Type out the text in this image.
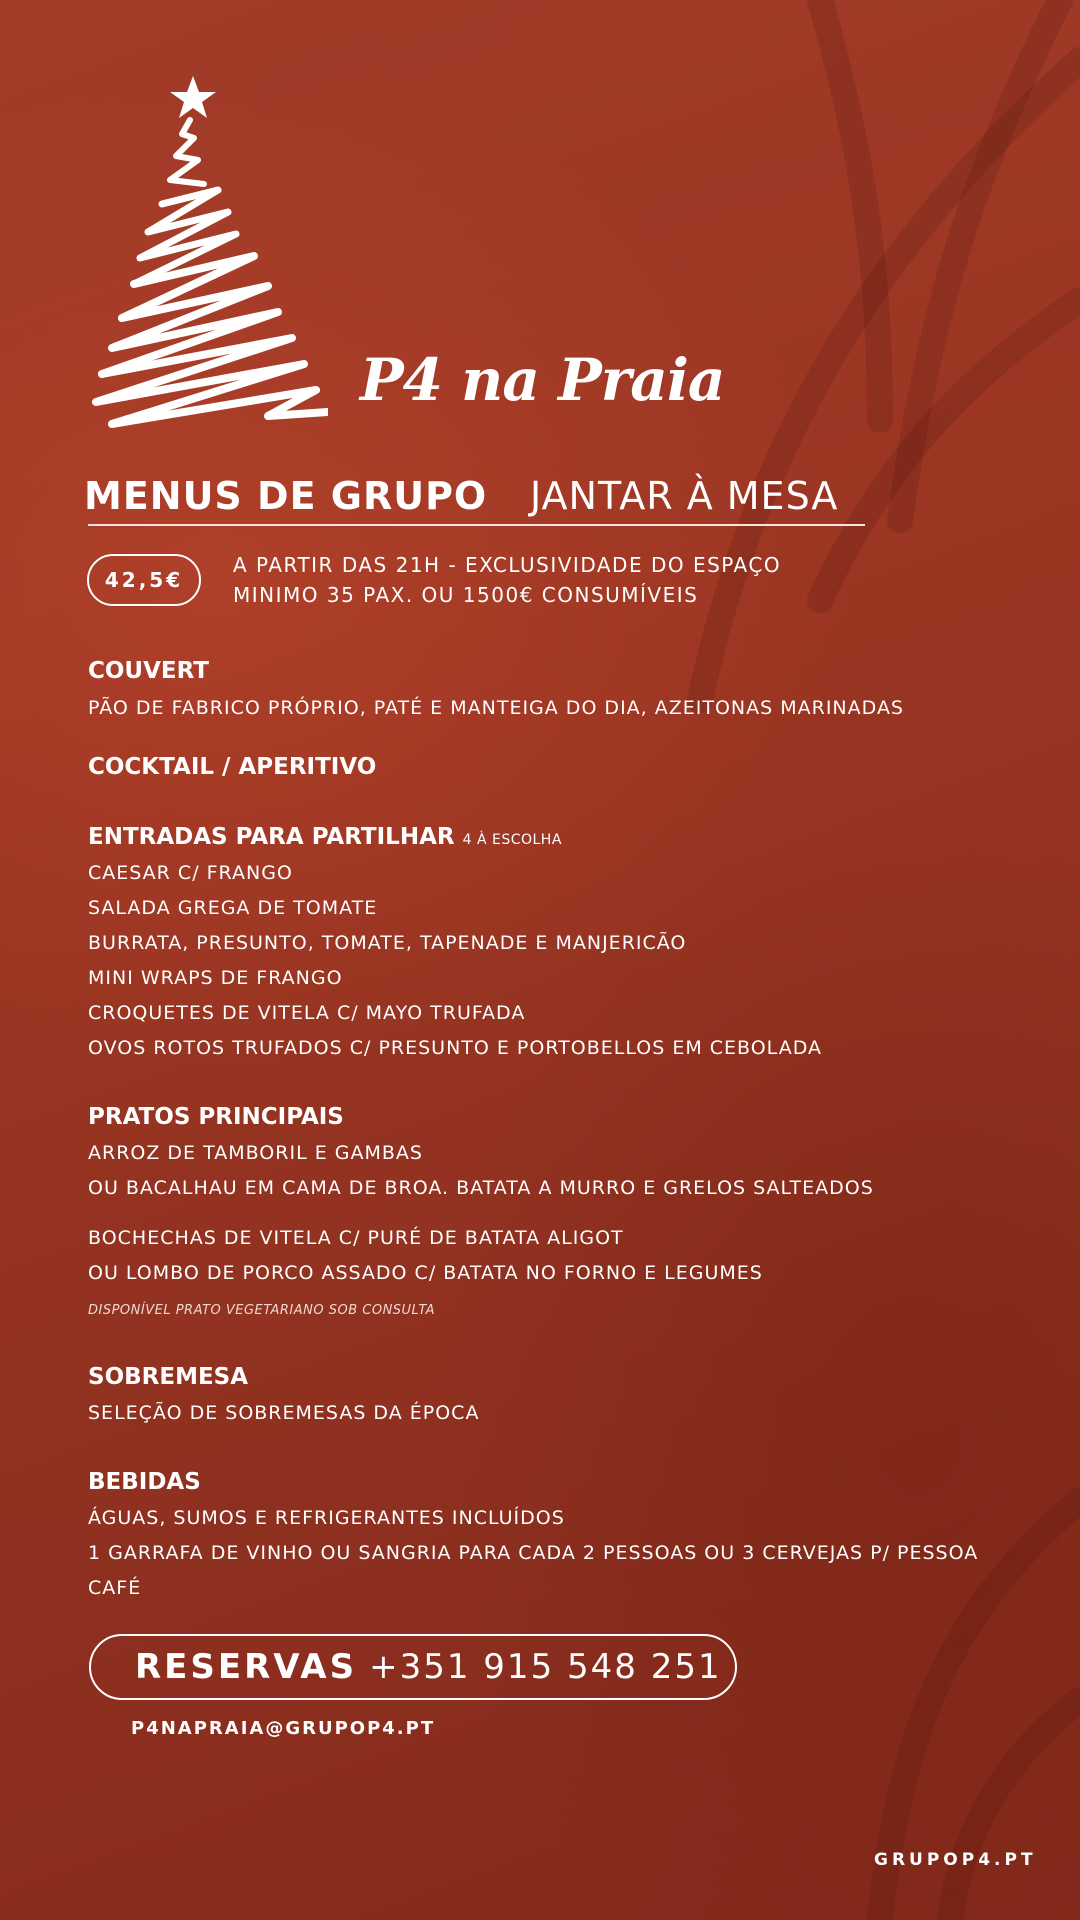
P4 na Praia
MENUS DE GRUPO JANTAR À MESA
42,5€
A PARTIR DAS 21H - EXCLUSIVIDADE DO ESPAÇO
MINIMO 35 PAX. OU 1500€ CONSUMÍVEIS
COUVERT
PÃO DE FABRICO PRÓPRIO, PATÉ E MANTEIGA DO DIA, AZEITONAS MARINADAS
COCKTAIL / APERITIVO
ENTRADAS PARA PARTILHAR 4 À ESCOLHA
CAESAR C/ FRANGO
SALADA GREGA DE TOMATE
BURRATA, PRESUNTO, TOMATE, TAPENADE E MANJERICÃO
MINI WRAPS DE FRANGO
CROQUETES DE VITELA C/ MAYO TRUFADA
OVOS ROTOS TRUFADOS C/ PRESUNTO E PORTOBELLOS EM CEBOLADA
PRATOS PRINCIPAIS
ARROZ DE TAMBORIL E GAMBAS
OU BACALHAU EM CAMA DE BROA. BATATA A MURRO E GRELOS SALTEADOS
BOCHECHAS DE VITELA C/ PURÉ DE BATATA ALIGOT
OU LOMBO DE PORCO ASSADO C/ BATATA NO FORNO E LEGUMES
DISPONÍVEL PRATO VEGETARIANO SOB CONSULTA
SOBREMESA
SELEÇÃO DE SOBREMESAS DA ÉPOCA
BEBIDAS
ÁGUAS, SUMOS E REFRIGERANTES INCLUÍDOS
1 GARRAFA DE VINHO OU SANGRIA PARA CADA 2 PESSOAS OU 3 CERVEJAS P/ PESSOA
CAFÉ
RESERVAS +351 915 548 251
P4NAPRAIA@GRUPOP4.PT
GRUPOP4.PT
